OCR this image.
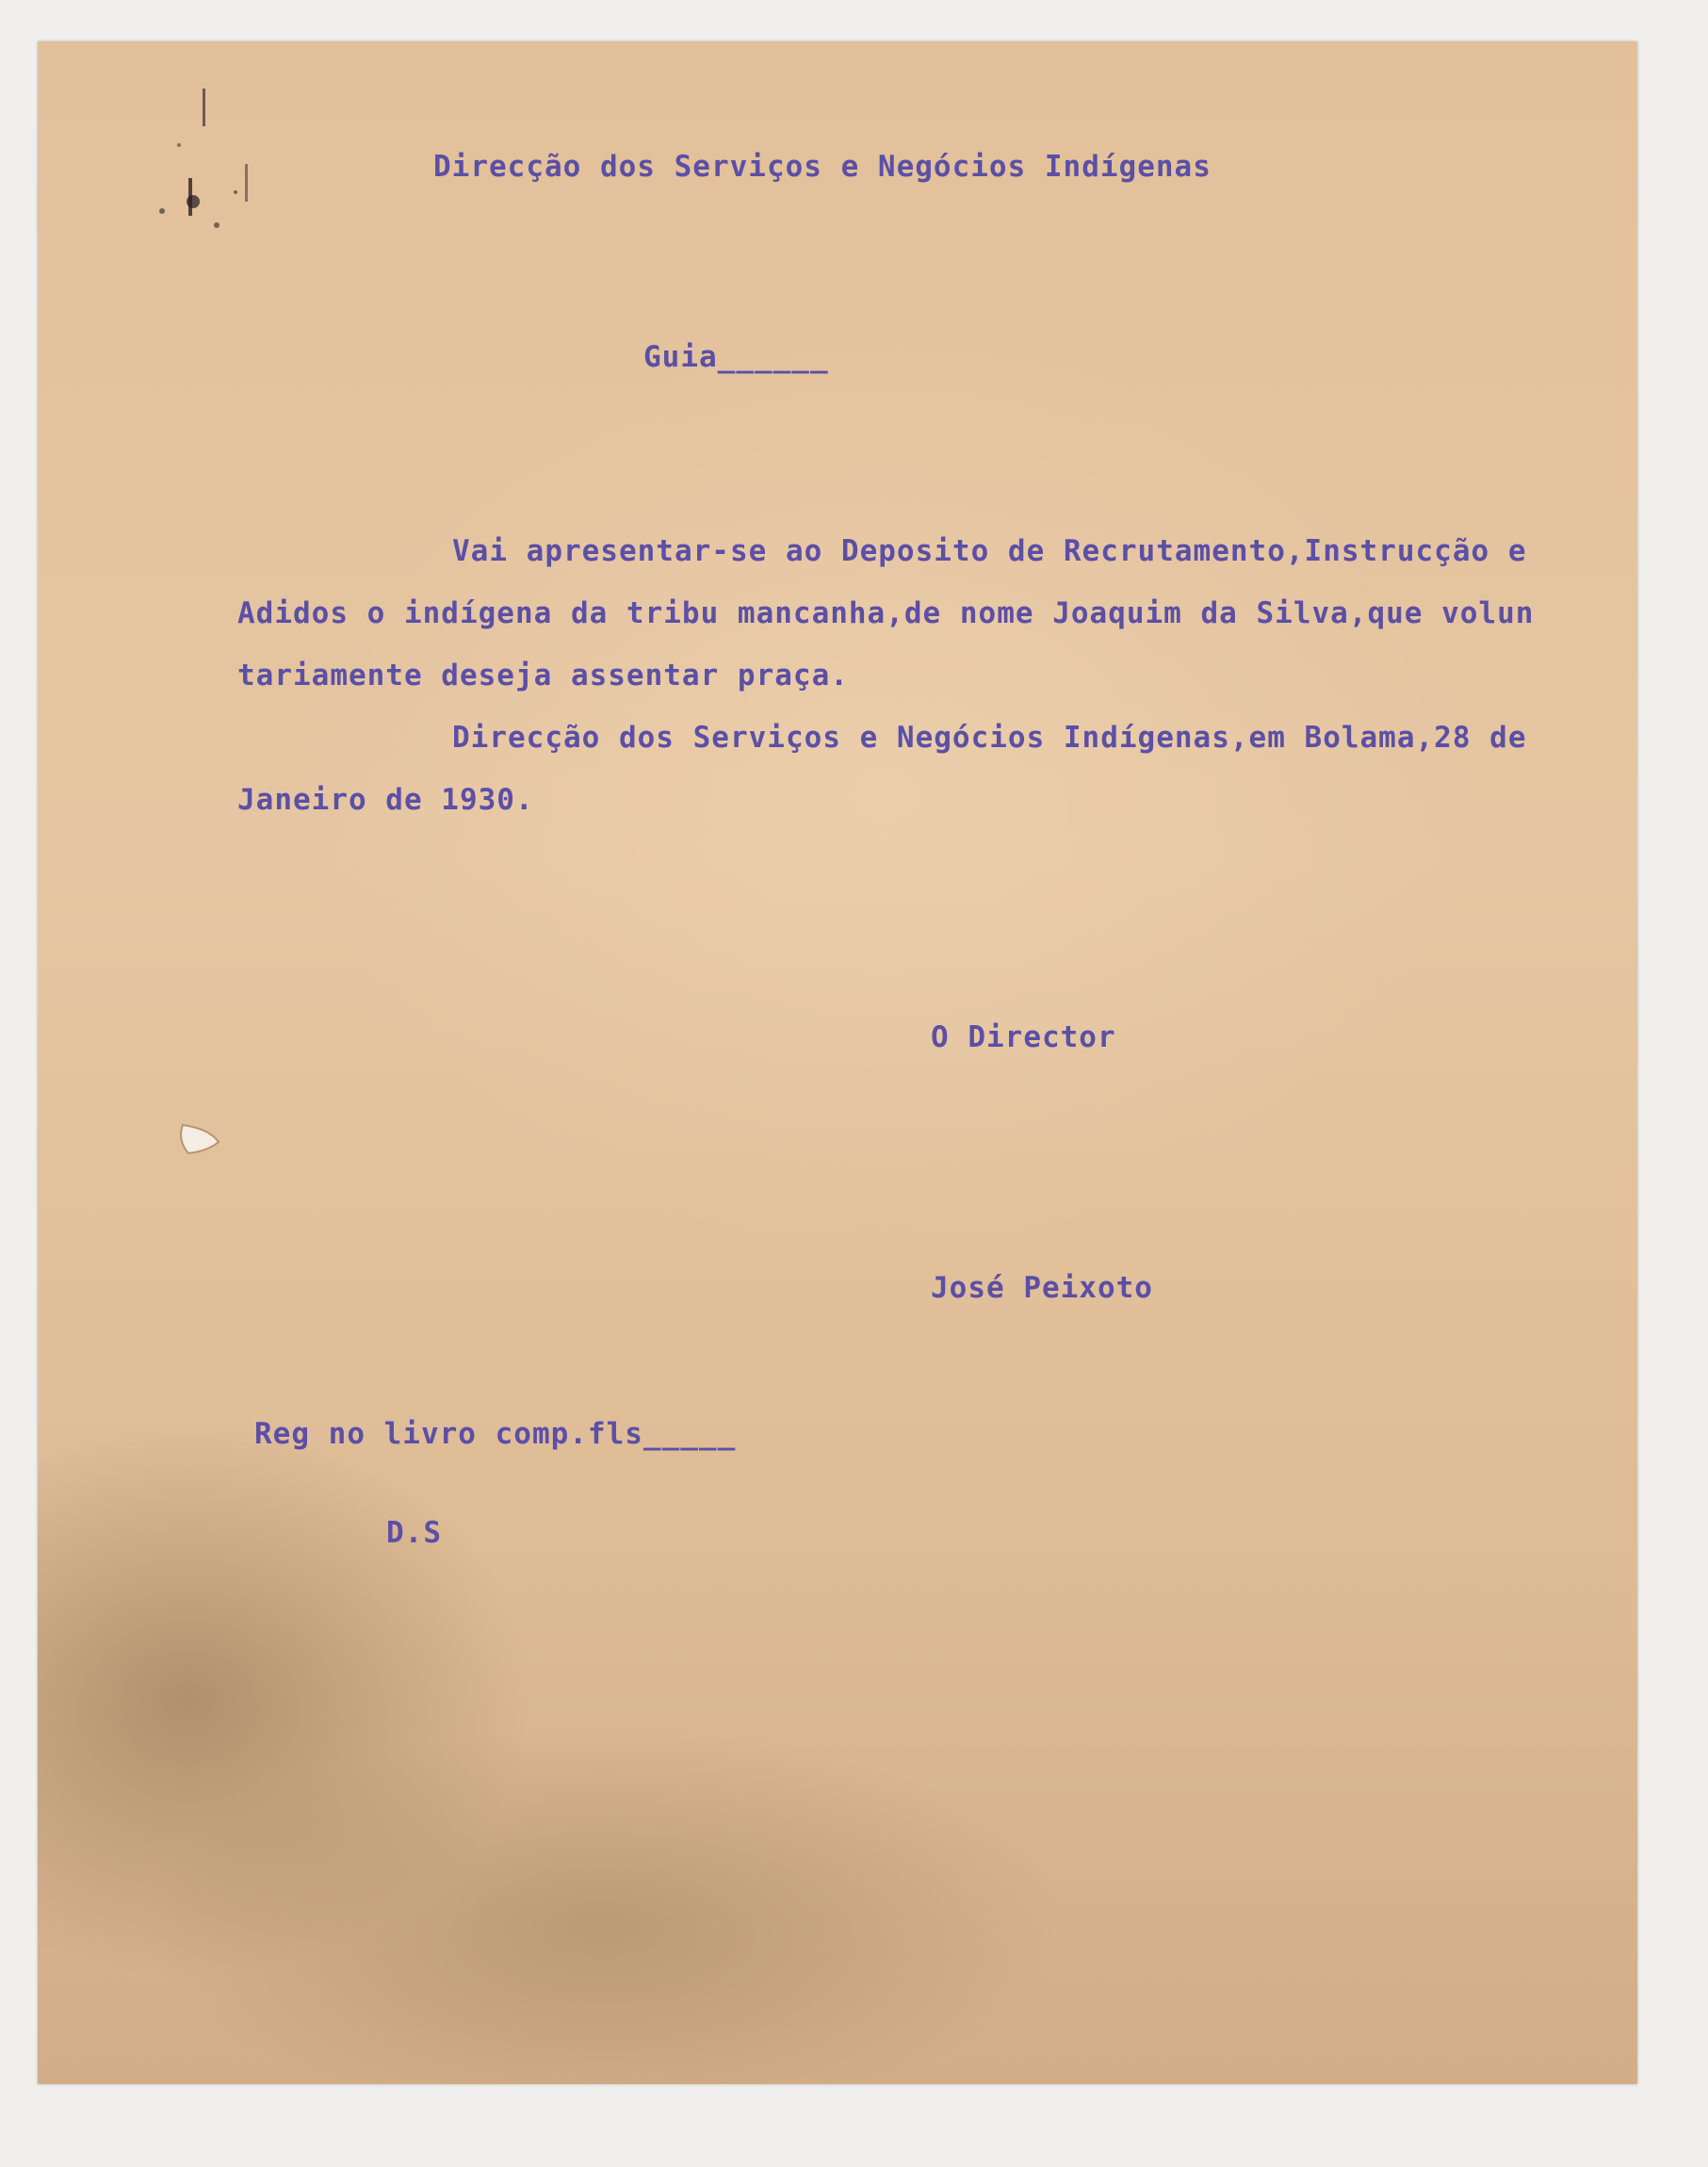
Direcção dos Serviços e Negócios Indígenas

Guia______

Vai apresentar-se ao Deposito de Recrutamento,Instrucção e
Adidos o indígena da tribu mancanha,de nome Joaquim da Silva,que volun
tariamente deseja assentar praça.
Direcção dos Serviços e Negócios Indígenas,em Bolama,28 de
Janeiro de 1930.

O Director

José Peixoto

Reg no livro comp.fls_____

D.S
